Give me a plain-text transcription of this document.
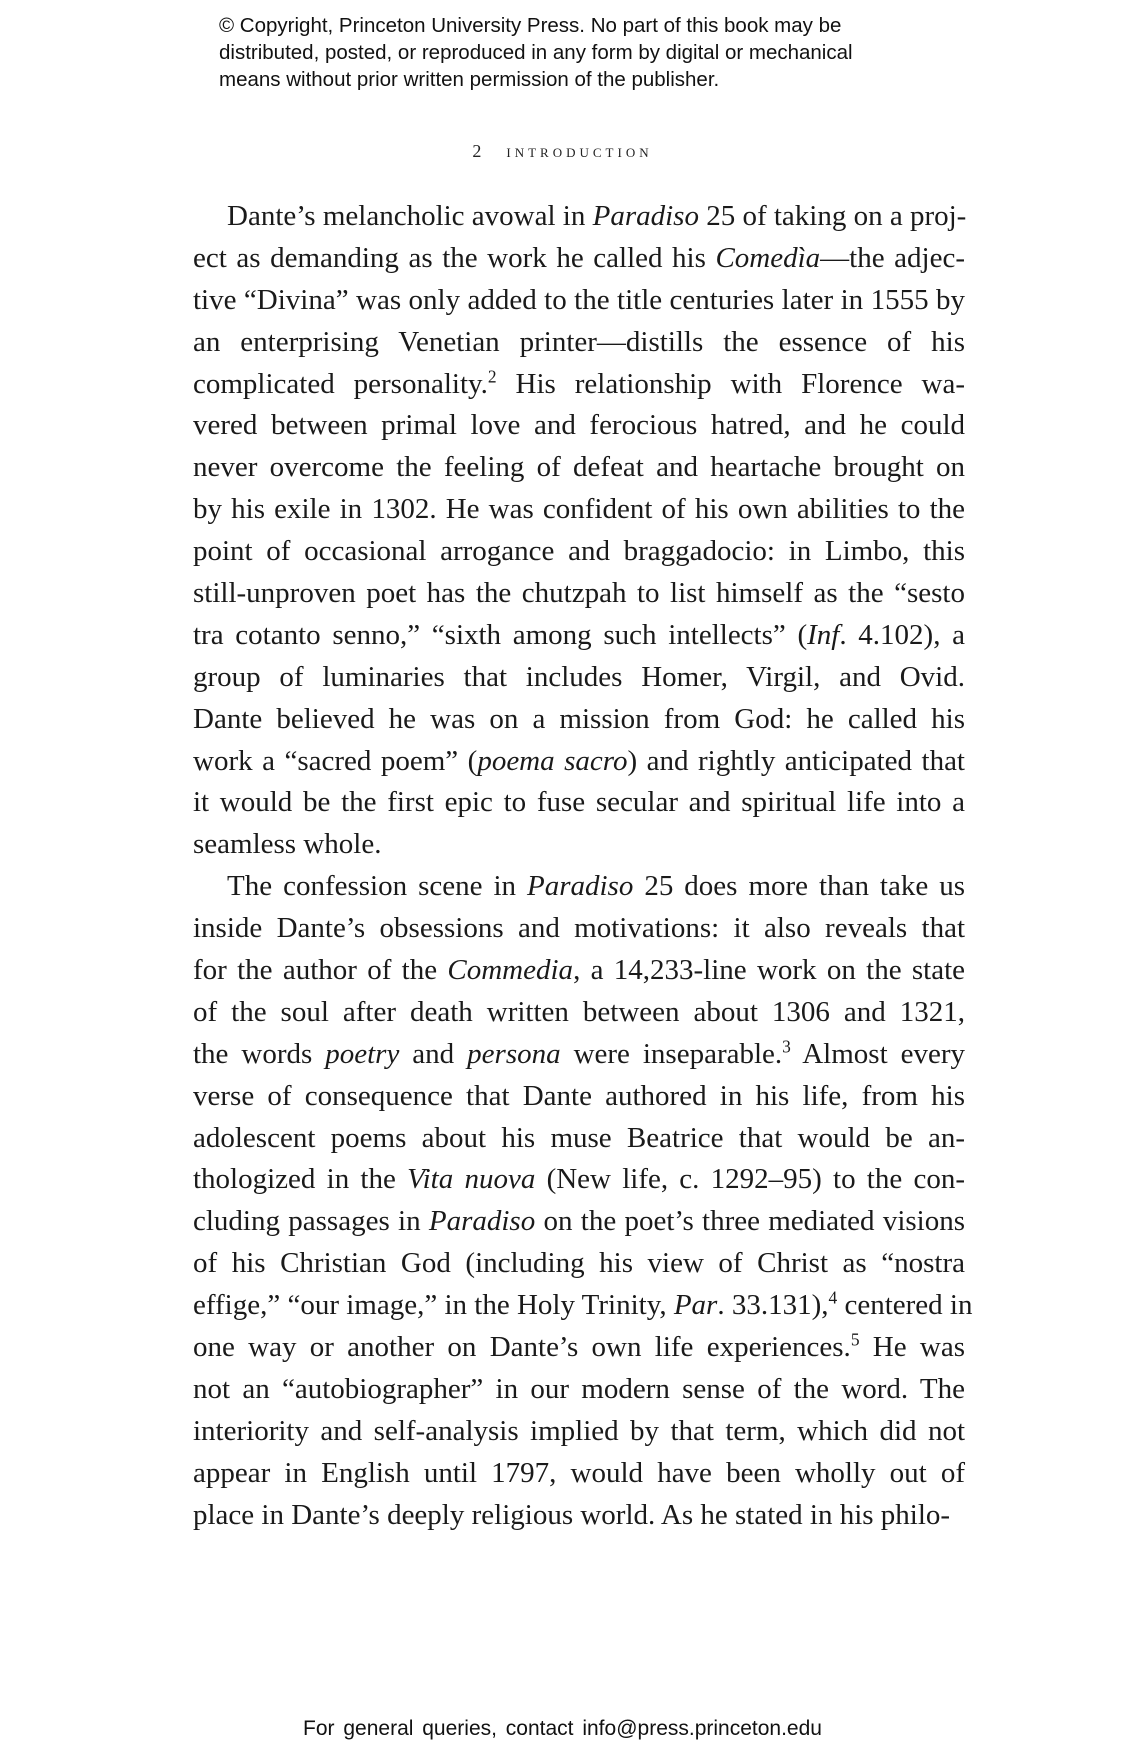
© Copyright, Princeton University Press. No part of this book may be
distributed, posted, or reproduced in any form by digital or mechanical
means without prior written permission of the publisher.
2 introduction
Dante’s melancholic avowal in Paradiso 25 of taking on a proj-
ect as demanding as the work he called his Comedìa—the adjec-
tive “Divina” was only added to the title centuries later in 1555 by
an enterprising Venetian printer—distills the essence of his
complicated personality.$^2$ His relationship with Florence wa-
vered between primal love and ferocious hatred, and he could
never overcome the feeling of defeat and heartache brought on
by his exile in 1302. He was confident of his own abilities to the
point of occasional arrogance and braggadocio: in Limbo, this
still-unproven poet has the chutzpah to list himself as the “sesto
tra cotanto senno,” “sixth among such intellects” (Inf. 4.102), a
group of luminaries that includes Homer, Virgil, and Ovid.
Dante believed he was on a mission from God: he called his
work a “sacred poem” (poema sacro) and rightly anticipated that
it would be the first epic to fuse secular and spiritual life into a
seamless whole.
The confession scene in Paradiso 25 does more than take us
inside Dante’s obsessions and motivations: it also reveals that
for the author of the Commedia, a 14,233-line work on the state
of the soul after death written between about 1306 and 1321,
the words poetry and persona were inseparable.$^3$ Almost every
verse of consequence that Dante authored in his life, from his
adolescent poems about his muse Beatrice that would be an-
thologized in the Vita nuova (New life, c. 1292–95) to the con-
cluding passages in Paradiso on the poet’s three mediated visions
of his Christian God (including his view of Christ as “nostra
effige,” “our image,” in the Holy Trinity, Par. 33.131),$^4$ centered in
one way or another on Dante’s own life experiences.$^5$ He was
not an “autobiographer” in our modern sense of the word. The
interiority and self-analysis implied by that term, which did not
appear in English until 1797, would have been wholly out of
place in Dante’s deeply religious world. As he stated in his philo-
For general queries, contact info@press.princeton.edu
